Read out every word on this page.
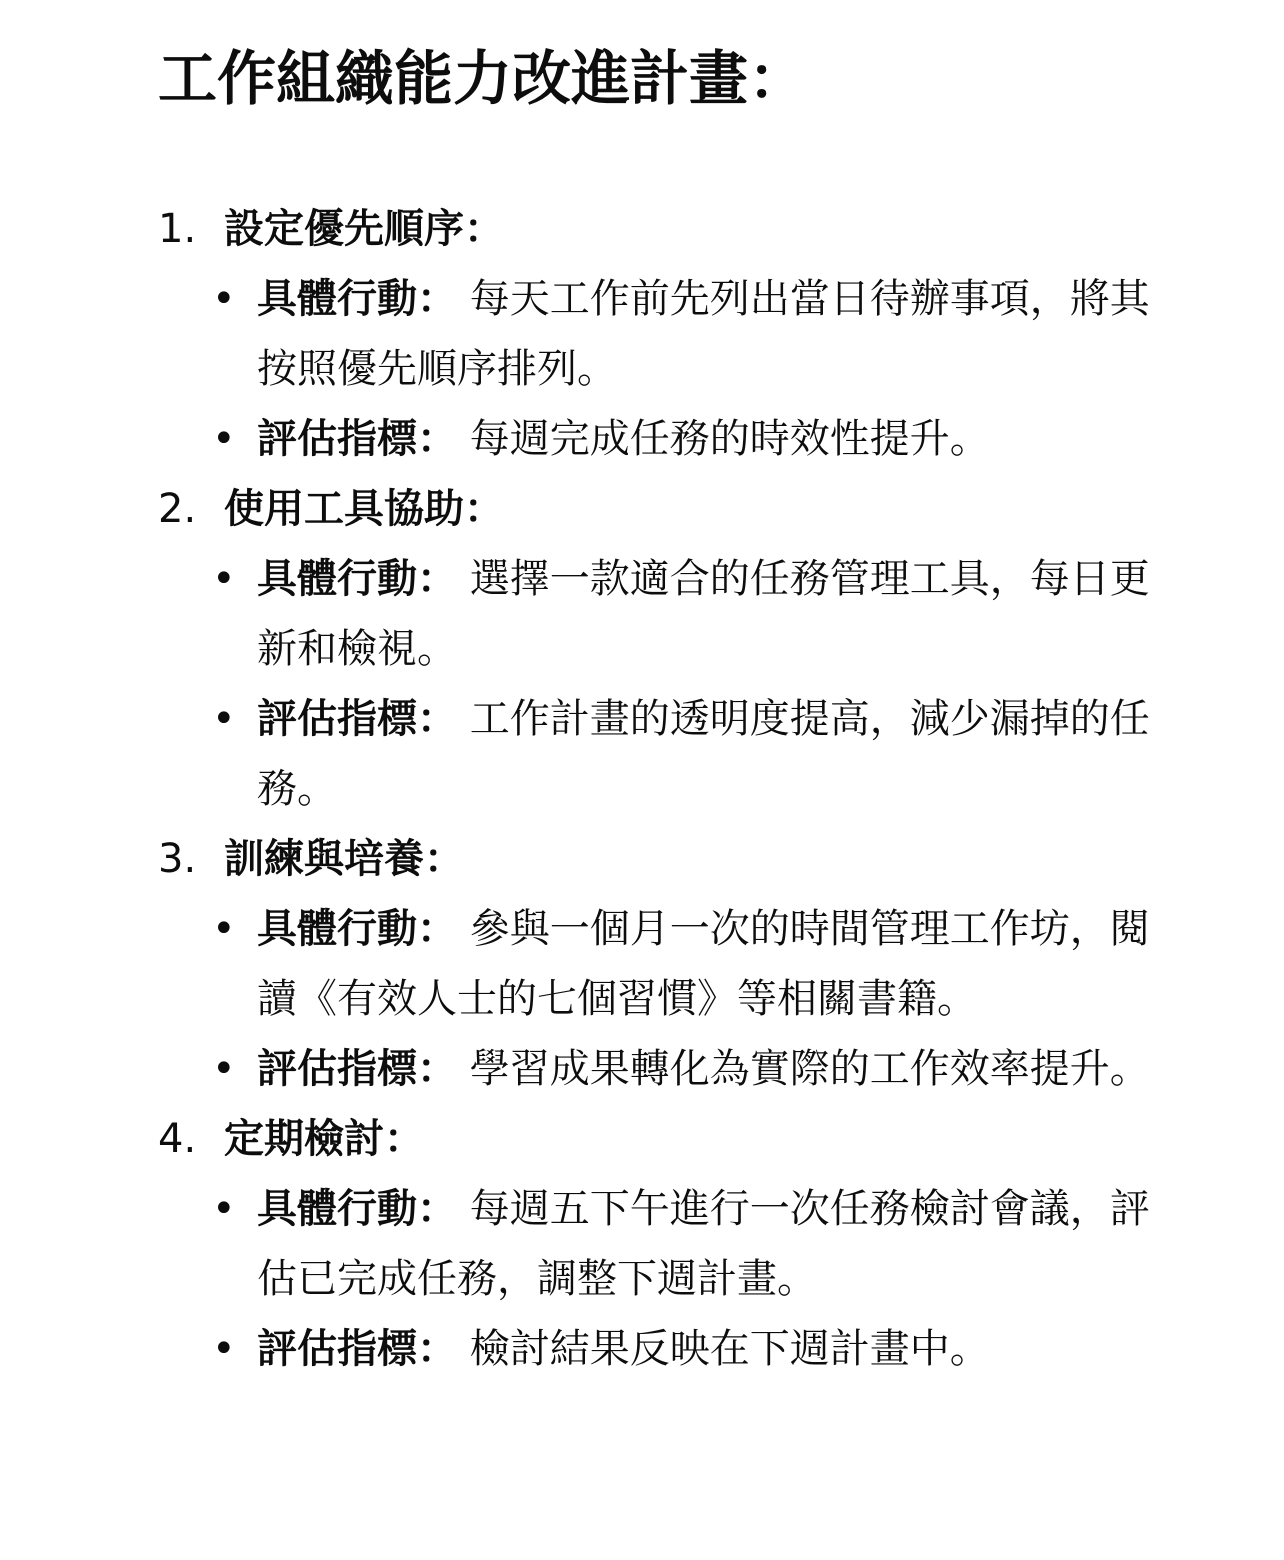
工作組織能力改進計畫：
1. 設定優先順序：
• 具體行動： 每天工作前先列出當日待辦事項，將其按照優先順序排列。
• 評估指標： 每週完成任務的時效性提升。
2. 使用工具協助：
• 具體行動： 選擇一款適合的任務管理工具，每日更新和檢視。
• 評估指標： 工作計畫的透明度提高，減少漏掉的任務。
3. 訓練與培養：
• 具體行動： 參與一個月一次的時間管理工作坊，閱讀《有效人士的七個習慣》等相關書籍。
• 評估指標： 學習成果轉化為實際的工作效率提升。
4. 定期檢討：
• 具體行動： 每週五下午進行一次任務檢討會議，評估已完成任務，調整下週計畫。
• 評估指標： 檢討結果反映在下週計畫中。
